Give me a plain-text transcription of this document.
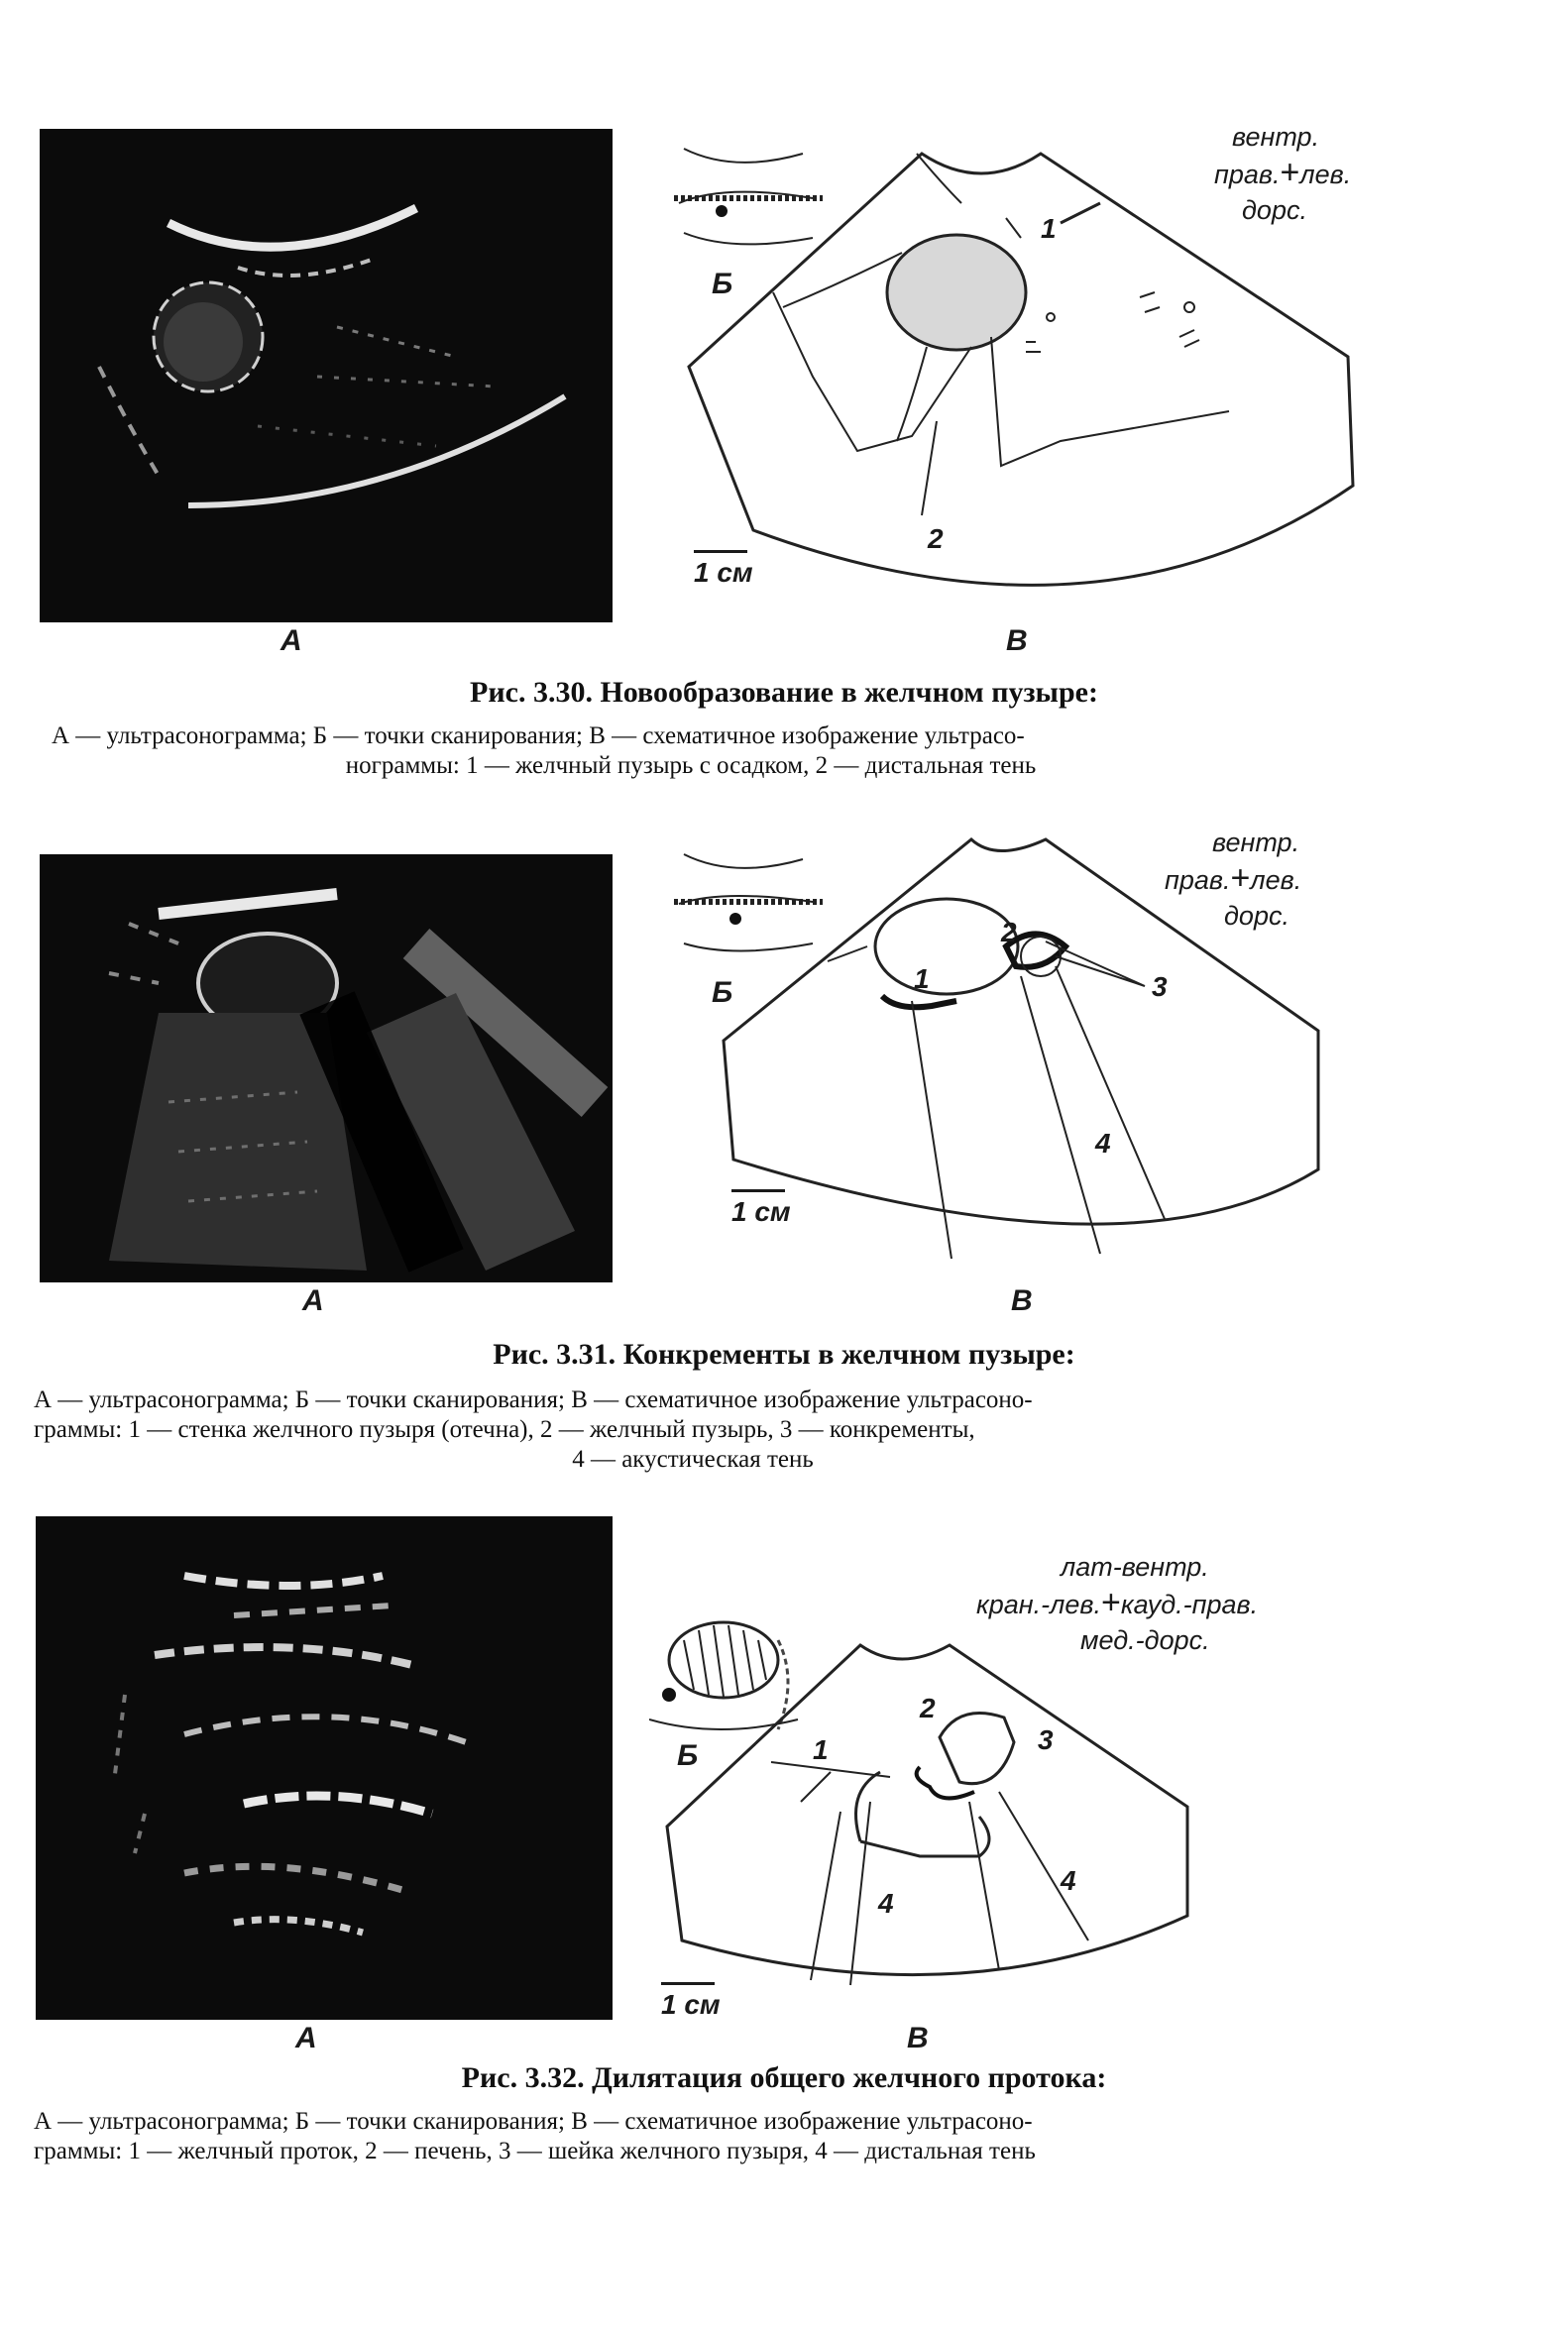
А
Б
1
2
1 см
В
вентр.
прав.+лев.
дорс.
Рис. 3.30. Новообразование в желчном пузыре:
А — ультрасонограмма; Б — точки сканирования; В — схематичное изображение ультрасо-
нограммы: 1 — желчный пузырь с осадком, 2 — дистальная тень
А
Б	1
2
3
4
1 см
В
вентр.
прав.+лев.
дорс.
Рис. 3.31. Конкременты в желчном пузыре:
А — ультрасонограмма; Б — точки сканирования; В — схематичное изображение ультрасоно-
граммы: 1 — стенка желчного пузыря (отечна), 2 — желчный пузырь, 3 — конкременты,
4 — акустическая тень
А
Б	1
2
3
4
4
1 см
В
лат-вентр.
кран.-лев.+кауд.-прав.
мед.-дорс.
Рис. 3.32. Дилятация общего желчного протока:
А — ультрасонограмма; Б — точки сканирования; В — схематичное изображение ультрасоно-
граммы: 1 — желчный проток, 2 — печень, 3 — шейка желчного пузыря, 4 — дистальная тень
